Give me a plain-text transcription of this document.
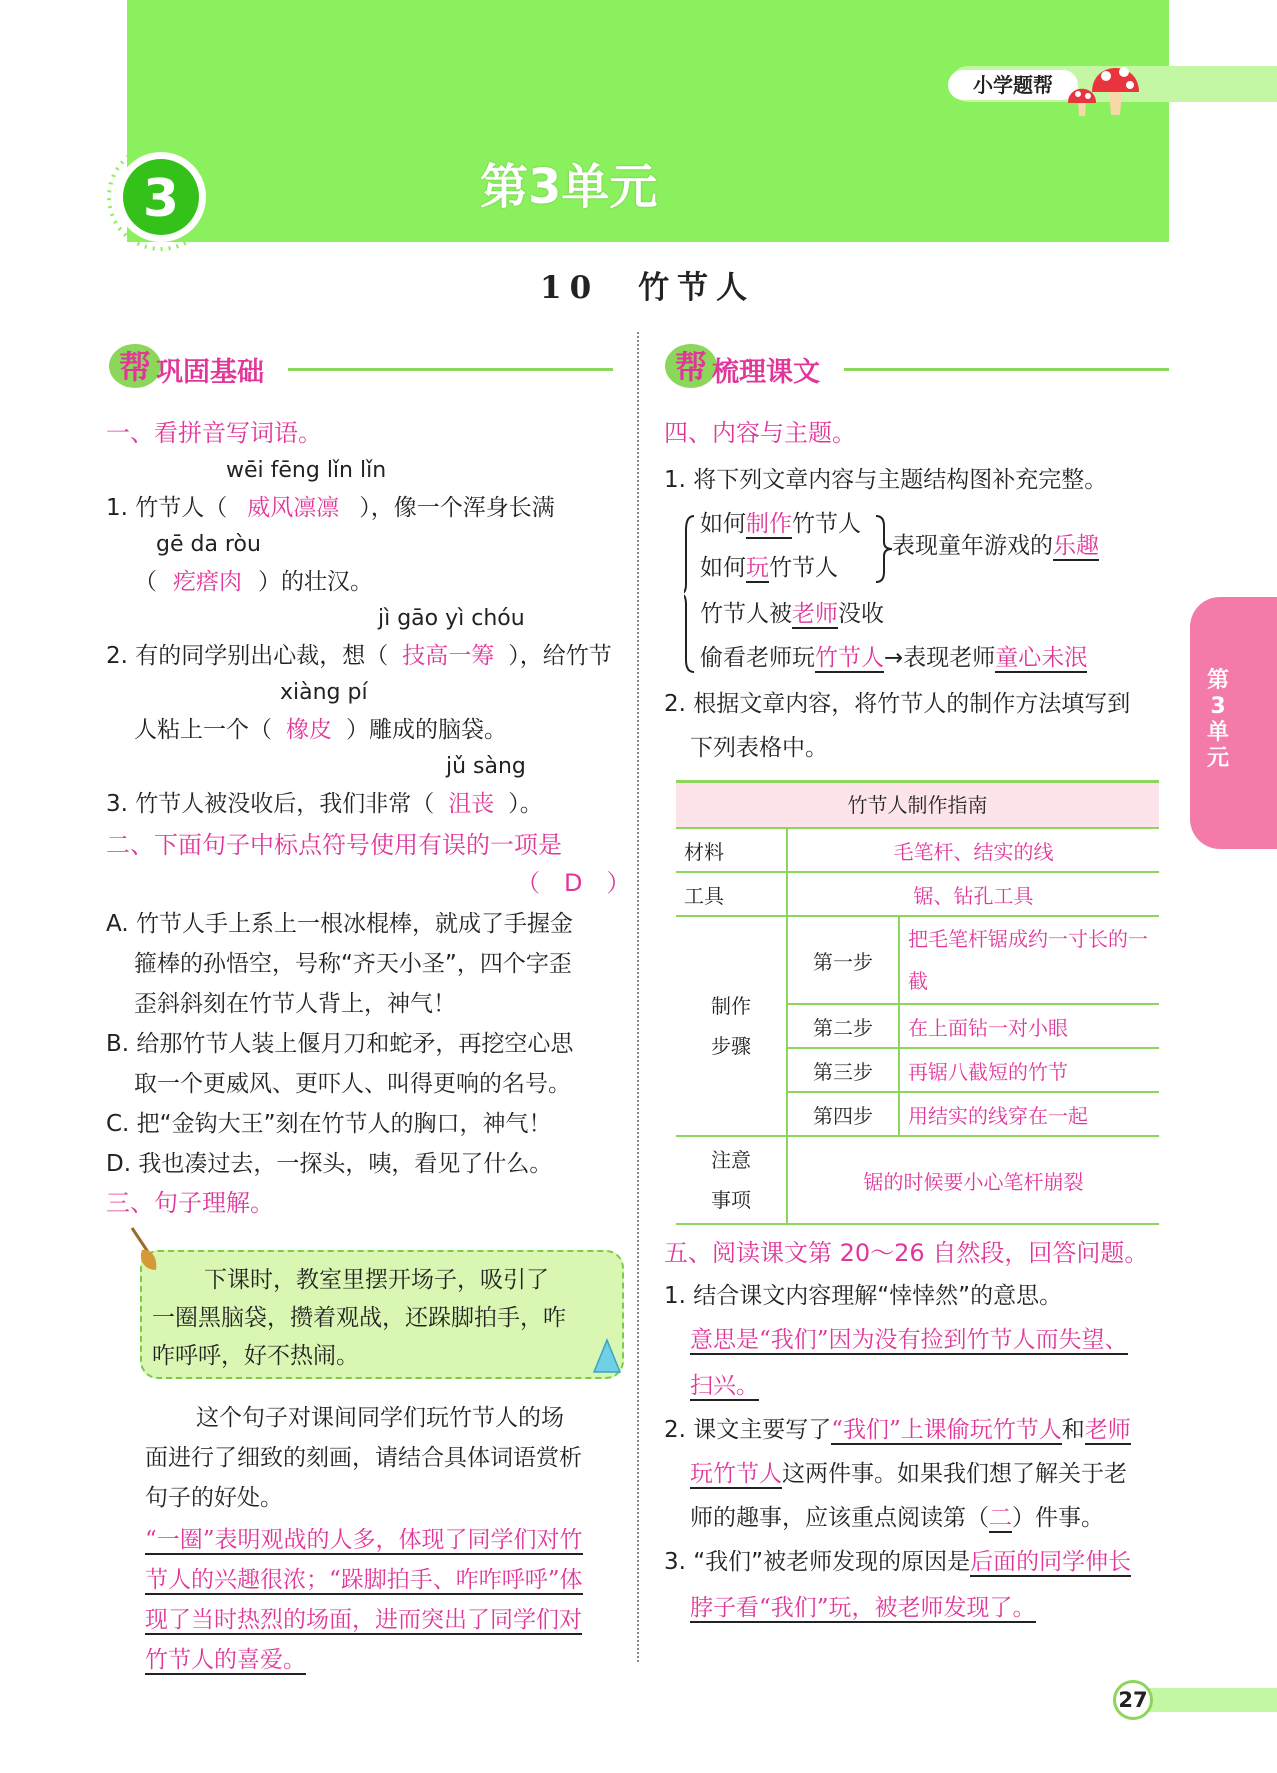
小学题帮
3	第3单元
10　竹节人
第3单元
帮 巩固基础
一、看拼音写词语。
wēi fēng lǐn lǐn
1. 竹节人（ 威风凛凛 ），像一个浑身长满
gē da ròu
（ 疙瘩肉 ）的壮汉。
jì gāo yì chóu
2. 有的同学别出心裁，想（ 技高一筹 ），给竹节
xiàng pí
人粘上一个（ 橡皮 ）雕成的脑袋。
jǔ sàng
3. 竹节人被没收后，我们非常（ 沮丧 ）。
二、下面句子中标点符号使用有误的一项是
（　D　）
A. 竹节人手上系上一根冰棍棒，就成了手握金
箍棒的孙悟空，号称“齐天小圣”，四个字歪
歪斜斜刻在竹节人背上，神气！
B. 给那竹节人装上偃月刀和蛇矛，再挖空心思
取一个更威风、更吓人、叫得更响的名号。
C. 把“金钩大王”刻在竹节人的胸口，神气！
D. 我也凑过去，一探头，咦，看见了什么。
三、句子理解。
下课时，教室里摆开场子，吸引了
一圈黑脑袋，攒着观战，还跺脚拍手，咋
咋呼呼，好不热闹。
这个句子对课间同学们玩竹节人的场
面进行了细致的刻画，请结合具体词语赏析
句子的好处。
“一圈”表明观战的人多，体现了同学们对竹
节人的兴趣很浓；“跺脚拍手、咋咋呼呼”体
现了当时热烈的场面，进而突出了同学们对
竹节人的喜爱。
帮 梳理课文
四、内容与主题。
1. 将下列文章内容与主题结构图补充完整。
如何制作竹节人
如何玩竹节人
表现童年游戏的乐趣
竹节人被老师没收
偷看老师玩竹节人→表现老师童心未泯
2. 根据文章内容，将竹节人的制作方法填写到
下列表格中。
竹节人制作指南
材料	毛笔杆、结实的线	
工具	锯、钻孔工具	
制作步骤	第一步	把毛笔杆锯成约一寸长的一截
	第二步	在上面钻一对小眼
	第三步	再锯八截短的竹节
	第四步	用结实的线穿在一起
注意事项	锯的时候要小心笔杆崩裂	
五、阅读课文第 20～26 自然段，回答问题。
1. 结合课文内容理解“悻悻然”的意思。
意思是“我们”因为没有捡到竹节人而失望、
扫兴。
2. 课文主要写了“我们”上课偷玩竹节人和老师
玩竹节人这两件事。如果我们想了解关于老
师的趣事，应该重点阅读第（二）件事。
3. “我们”被老师发现的原因是后面的同学伸长
脖子看“我们”玩，被老师发现了。
27
